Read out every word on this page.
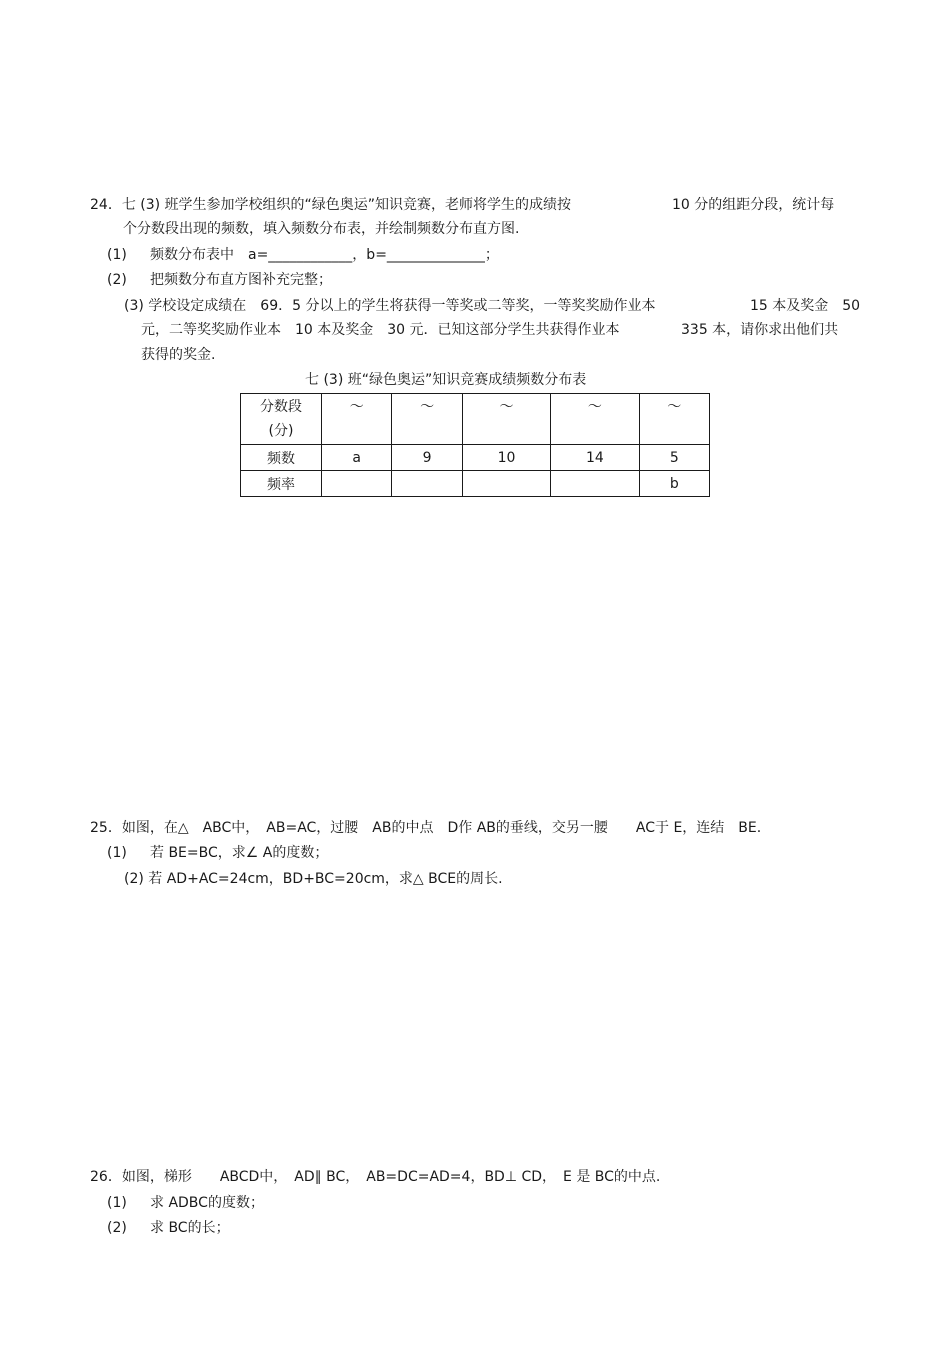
24．七 (3) 班学生参加学校组织的“绿色奥运”知识竞赛，老师将学生的成绩按	10 分的组距分段，统计每
个分数段出现的频数，填入频数分布表，并绘制频数分布直方图.
(1) 频数分布表中　a=____________，b=______________；
(2) 把频数分布直方图补充完整；
(3) 学校设定成绩在　69．5 分以上的学生将获得一等奖或二等奖，一等奖奖励作业本	15 本及奖金　50
元，二等奖奖励作业本　10 本及奖金　30 元．已知这部分学生共获得作业本	335 本，请你求出他们共
获得的奖金.
七 (3) 班“绿色奥运”知识竞赛成绩频数分布表
分数段
(分)	～	～	～	～	～
频数	a	9	10	14	5
频率					b
25．如图，在△　ABC中，　AB=AC，过腰　AB的中点　D作 AB的垂线，交另一腰　　AC于 E，连结　BE.
(1) 若 BE=BC，求∠ A的度数；
(2) 若 AD+AC=24cm，BD+BC=20cm，求△ BCE的周长.
26．如图，梯形　　ABCD中，　AD∥ BC，　AB=DC=AD=4，BD⊥ CD，　E 是 BC的中点.
(1) 求 ADBC的度数；
(2) 求 BC的长；
